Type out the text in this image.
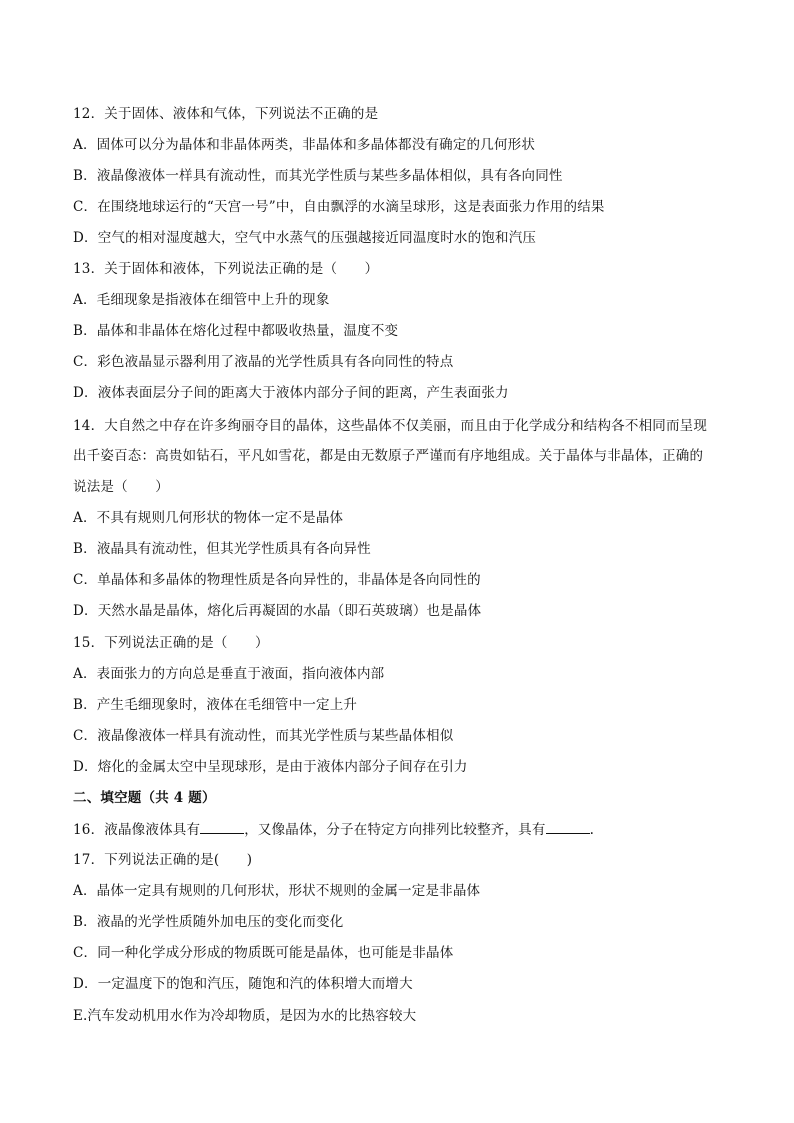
12．关于固体、液体和气体，下列说法不正确的是
A．固体可以分为晶体和非晶体两类，非晶体和多晶体都没有确定的几何形状
B．液晶像液体一样具有流动性，而其光学性质与某些多晶体相似，具有各向同性
C．在围绕地球运行的“天宫一号”中，自由飘浮的水滴呈球形，这是表面张力作用的结果
D．空气的相对湿度越大，空气中水蒸气的压强越接近同温度时水的饱和汽压
13．关于固体和液体，下列说法正确的是（　　）
A．毛细现象是指液体在细管中上升的现象
B．晶体和非晶体在熔化过程中都吸收热量，温度不变
C．彩色液晶显示器利用了液晶的光学性质具有各向同性的特点
D．液体表面层分子间的距离大于液体内部分子间的距离，产生表面张力
14．大自然之中存在许多绚丽夺目的晶体，这些晶体不仅美丽，而且由于化学成分和结构各不相同而呈现
出千姿百态：高贵如钻石，平凡如雪花，都是由无数原子严谨而有序地组成。关于晶体与非晶体，正确的
说法是（　　）
A．不具有规则几何形状的物体一定不是晶体
B．液晶具有流动性，但其光学性质具有各向异性
C．单晶体和多晶体的物理性质是各向异性的，非晶体是各向同性的
D．天然水晶是晶体，熔化后再凝固的水晶（即石英玻璃）也是晶体
15．下列说法正确的是（　　）
A．表面张力的方向总是垂直于液面，指向液体内部
B．产生毛细现象时，液体在毛细管中一定上升
C．液晶像液体一样具有流动性，而其光学性质与某些晶体相似
D．熔化的金属太空中呈现球形，是由于液体内部分子间存在引力
二、填空题（共 4 题）
16．液晶像液体具有	，又像晶体，分子在特定方向排列比较整齐，具有	.
17．下列说法正确的是(　　)
A．晶体一定具有规则的几何形状，形状不规则的金属一定是非晶体
B．液晶的光学性质随外加电压的变化而变化
C．同一种化学成分形成的物质既可能是晶体，也可能是非晶体
D．一定温度下的饱和汽压，随饱和汽的体积增大而增大
E.汽车发动机用水作为冷却物质，是因为水的比热容较大
